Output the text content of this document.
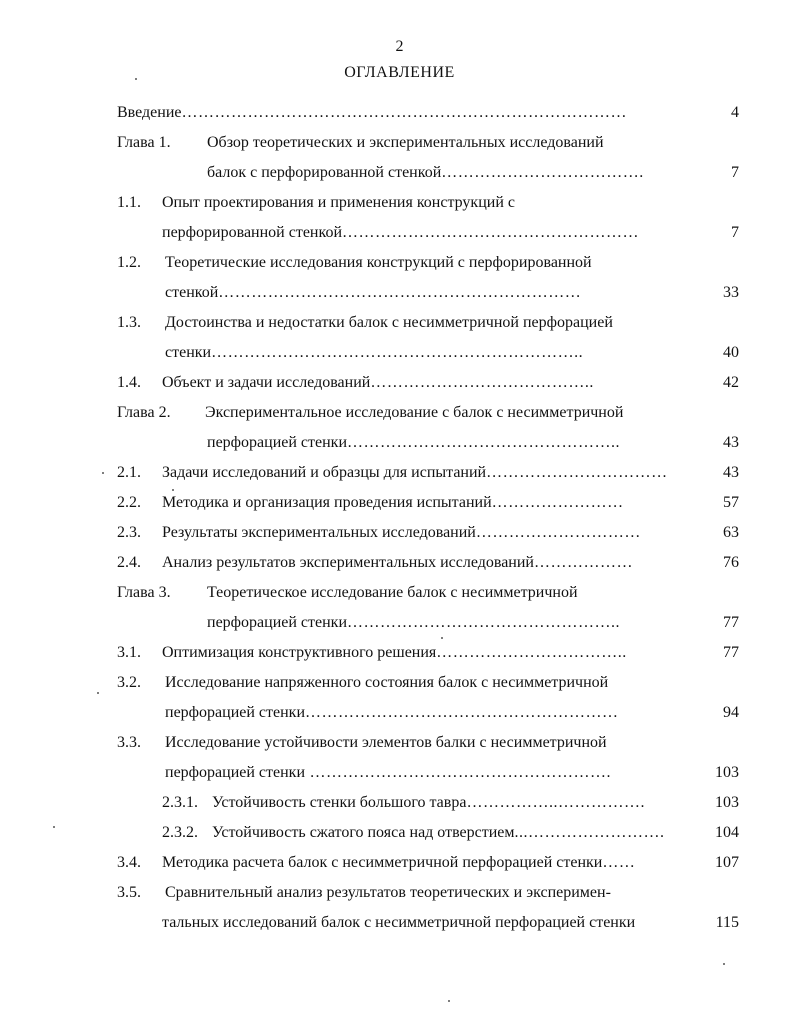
2
ОГЛАВЛЕНИЕ
Введение………………………………………………………………………	4
Глава 1. Обзор теоретических и экспериментальных исследований
балок с перфорированной стенкой……………………………….	7
1.1. Опыт проектирования и применения конструкций с
перфорированной стенкой………………………………………………	7
1.2. Теоретические исследования конструкций с перфорированной
стенкой…………………………………………………………	33
1.3. Достоинства и недостатки балок с несимметричной перфорацией
стенки…………………………………………………………..	40
1.4. Объект и задачи исследований…………………………………..	42
Глава 2. Экспериментальное исследование с балок с несимметричной
перфорацией стенки…………………………………………..	43
2.1. Задачи исследований и образцы для испытаний……………………………	43
2.2. Методика и организация проведения испытаний……………………	57
2.3. Результаты экспериментальных исследований…………………………	63
2.4. Анализ результатов экспериментальных исследований………………	76
Глава 3. Теоретическое исследование балок с несимметричной
перфорацией стенки…………………………………………..	77
3.1. Оптимизация конструктивного решения……………………………..	77
3.2. Исследование напряженного состояния балок с несимметричной
перфорацией стенки…………………………………………………	94
3.3. Исследование устойчивости элементов балки с несимметричной
перфорацией стенки ……………………………………………….	103
2.3.1. Устойчивость стенки большого тавра……………..…………….	103
2.3.2. Устойчивость сжатого пояса над отверстием...…………………….	104
3.4. Методика расчета балок с несимметричной перфорацией стенки……	107
3.5. Сравнительный анализ результатов теоретических и эксперимен-
тальных исследований балок с несимметричной перфорацией стенки	115
